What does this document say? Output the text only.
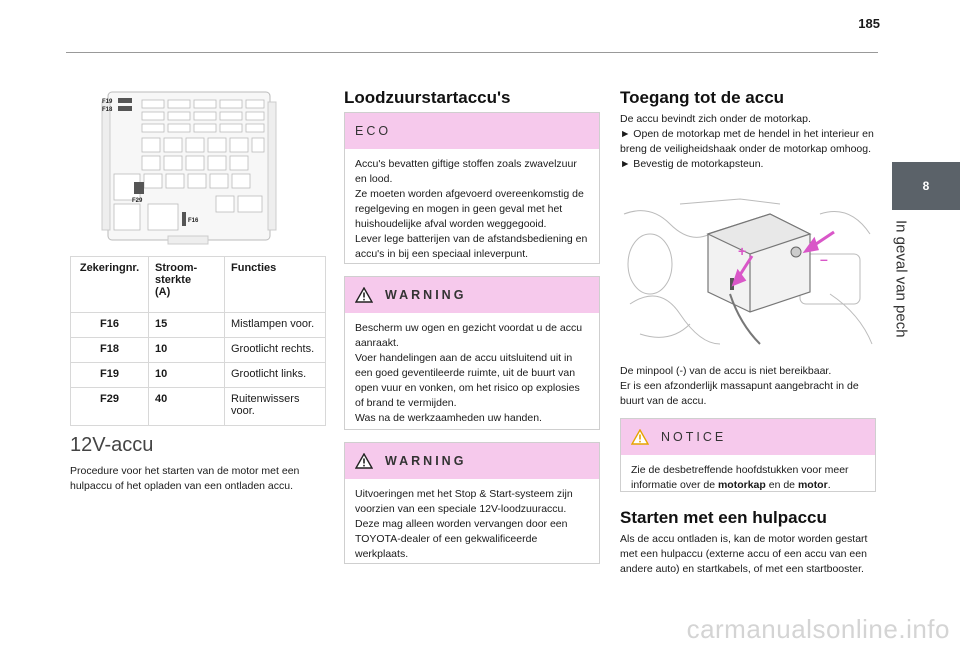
185
8
In geval van pech
F19
F18
F29
F16
Zekeringnr.	Stroom-
sterkte
(A)	Functies
F16	15	Mistlampen voor.
F18	10	Grootlicht rechts.
F19	10	Grootlicht links.
F29	40	Ruitenwissers
voor.
12V-accu
Procedure voor het starten van de motor met een hulpaccu of het opladen van een ontladen accu.
Loodzuurstartaccu's
ECO
Accu's bevatten giftige stoffen zoals zwavelzuur en lood.
Ze moeten worden afgevoerd overeenkomstig de regelgeving en mogen in geen geval met het huishoudelijke afval worden weggegooid.
Lever lege batterijen van de afstandsbediening en accu's in bij een speciaal inleverpunt.
WARNING
Bescherm uw ogen en gezicht voordat u de accu aanraakt.
Voer handelingen aan de accu uitsluitend uit in een goed geventileerde ruimte, uit de buurt van open vuur en vonken, om het risico op explosies of brand te vermijden.
Was na de werkzaamheden uw handen.
WARNING
Uitvoeringen met het Stop & Start-systeem zijn voorzien van een speciale 12V-loodzuuraccu. Deze mag alleen worden vervangen door een TOYOTA-dealer of een gekwalificeerde werkplaats.
Toegang tot de accu
De accu bevindt zich onder de motorkap.
► Open de motorkap met de hendel in het interieur en breng de veiligheidshaak onder de motorkap omhoog.
► Bevestig de motorkapsteun.
+	–
De minpool (-) van de accu is niet bereikbaar.
Er is een afzonderlijk massapunt aangebracht in de buurt van de accu.
NOTICE
Zie de desbetreffende hoofdstukken voor meer informatie over de motorkap en de motor.
Starten met een hulpaccu
Als de accu ontladen is, kan de motor worden gestart met een hulpaccu (externe accu of een accu van een andere auto) en startkabels, of met een startbooster.
carmanualsonline.info
